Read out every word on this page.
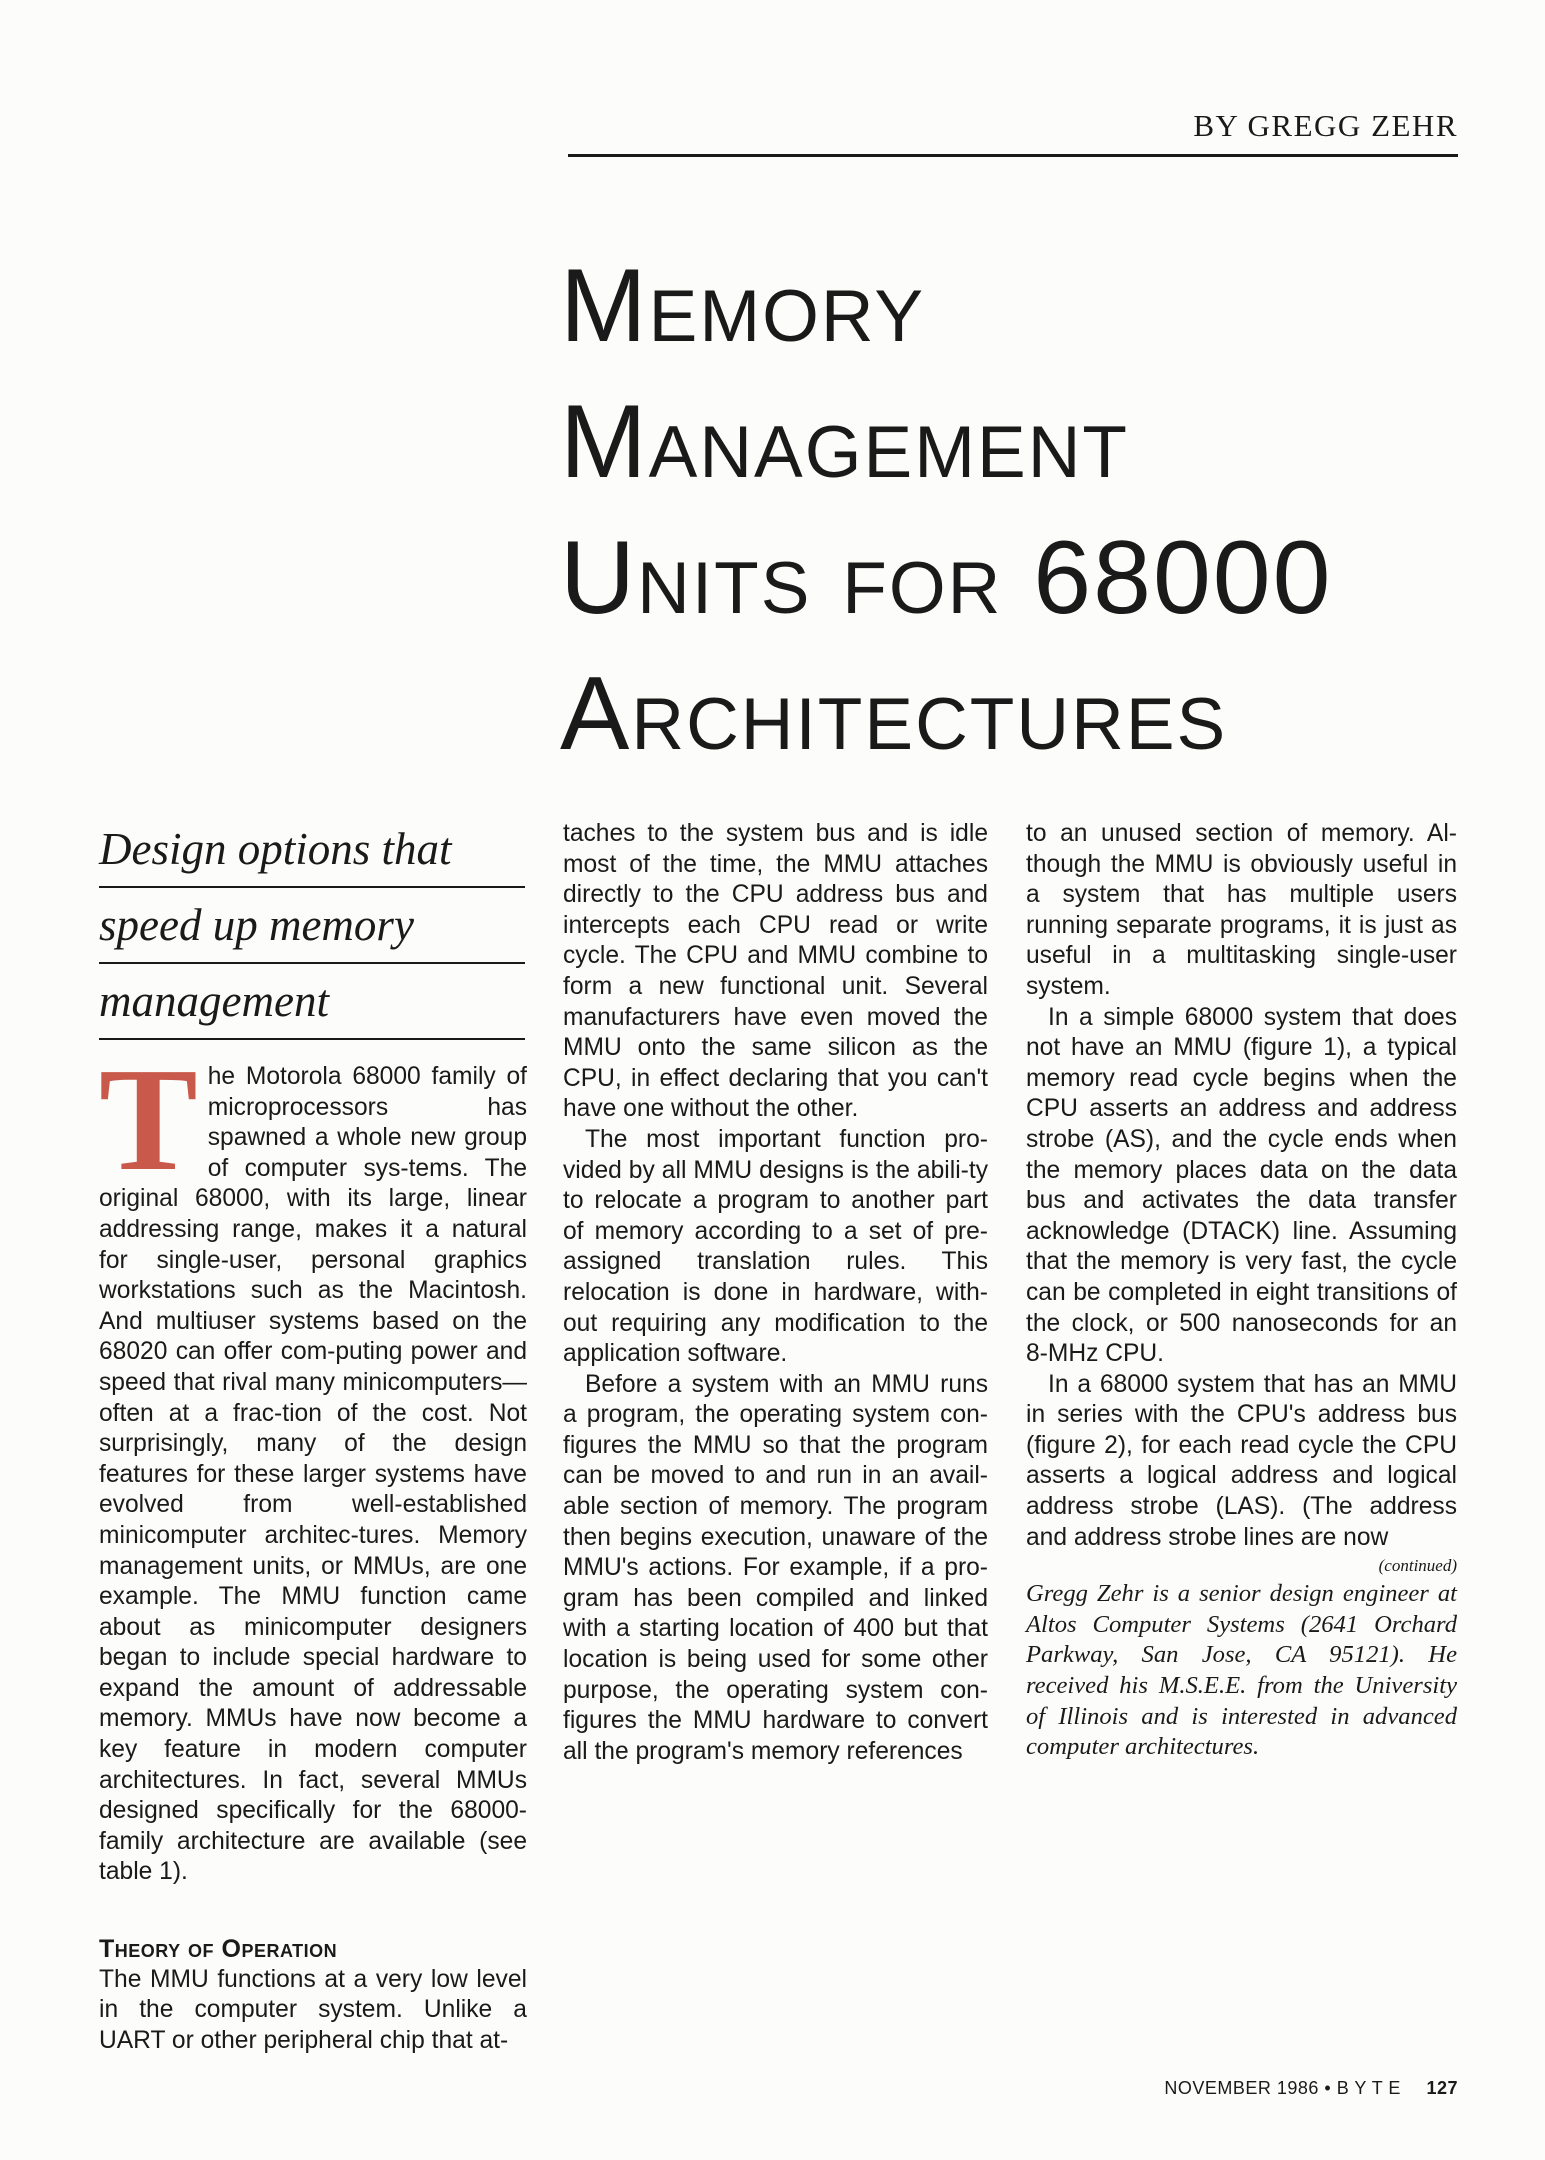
BY GREGG ZEHR
Memory
Management
Units for 68000
Architectures
Design options that
speed up memory
management

The Motorola 68000 family of microprocessors has spawned a whole new group of computer sys-tems. The original 68000, with its large, linear addressing range, makes it a natural for single-user, personal graphics workstations such as the Macintosh. And multiuser systems based on the 68020 can offer com-puting power and speed that rival many minicomputers—often at a frac-tion of the cost. Not surprisingly, many of the design features for these larger systems have evolved from well-established minicomputer architec-tures. Memory management units, or MMUs, are one example. The MMU function came about as minicomputer designers began to include special hardware to expand the amount of addressable memory. MMUs have now become a key feature in modern computer architectures. In fact, several MMUs designed specifically for the 68000-family architecture are available (see table 1).

Theory of Operation

The MMU functions at a very low level in the computer system. Unlike a UART or other peripheral chip that at-

taches to the system bus and is idle most of the time, the MMU attaches directly to the CPU address bus and intercepts each CPU read or write cycle. The CPU and MMU combine to form a new functional unit. Several manufacturers have even moved the MMU onto the same silicon as the CPU, in effect declaring that you can't have one without the other.

The most important function pro-vided by all MMU designs is the abili-ty to relocate a program to another part of memory according to a set of pre-assigned translation rules. This relocation is done in hardware, with-out requiring any modification to the application software.

Before a system with an MMU runs a program, the operating system con-figures the MMU so that the program can be moved to and run in an avail-able section of memory. The program then begins execution, unaware of the MMU's actions. For example, if a pro-gram has been compiled and linked with a starting location of 400 but that location is being used for some other purpose, the operating system con-figures the MMU hardware to convert all the program's memory references

to an unused section of memory. Al-though the MMU is obviously useful in a system that has multiple users running separate programs, it is just as useful in a multitasking single-user system.

In a simple 68000 system that does not have an MMU (figure 1), a typical memory read cycle begins when the CPU asserts an address and address strobe (AS), and the cycle ends when the memory places data on the data bus and activates the data transfer acknowledge (DTACK) line. Assuming that the memory is very fast, the cycle can be completed in eight transitions of the clock, or 500 nanoseconds for an 8-MHz CPU.

In a 68000 system that has an MMU in series with the CPU's address bus (figure 2), for each read cycle the CPU asserts a logical address and logical address strobe (LAS). (The address and address strobe lines are now

(continued)
Gregg Zehr is a senior design engineer at Altos Computer Systems (2641 Orchard Parkway, San Jose, CA 95121). He received his M.S.E.E. from the University of Illinois and is interested in advanced computer architectures.
NOVEMBER 1986 • B Y T E 127
